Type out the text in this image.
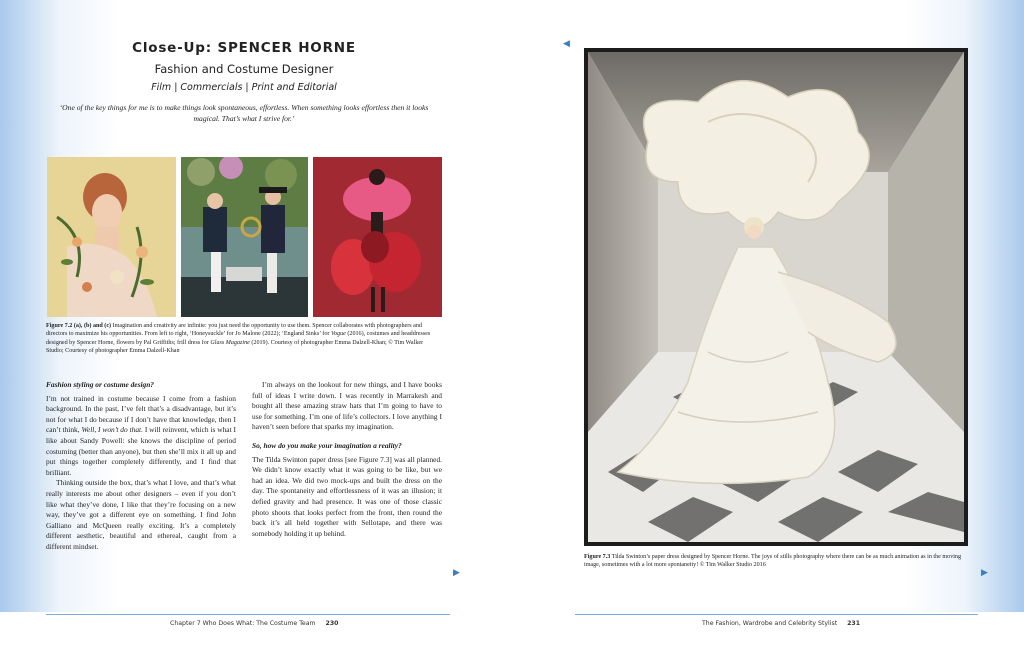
Close-Up: SPENCER HORNE
Fashion and Costume Designer
Film | Commercials | Print and Editorial
‘One of the key things for me is to make things look spontaneous, effortless. When something looks effortless then it looks magical. That’s what I strive for.’
Figure 7.2 (a), (b) and (c) Imagination and creativity are infinite: you just need the opportunity to use them. Spencer collaborates with photographers and directors to maximize his opportunities. From left to right, ‘Honeysuckle’ for Jo Malone (2022); ‘England Sinks’ for Vogue (2016), costumes and headdresses designed by Spencer Horne, flowers by Pal Griffiths; frill dress for Glass Magazine (2019). Courtesy of photographer Emma Dalzell-Khan; © Tim Walker Studio; Courtesy of photographer Emma Dalzell-Khan
Fashion styling or costume design?

I’m not trained in costume because I come from a fashion background. In the past, I’ve felt that’s a disadvantage, but it’s not for what I do because if I don’t have that knowledge, then I can’t think, Well, I won’t do that. I will reinvent, which is what I like about Sandy Powell: she knows the discipline of period costuming (better than anyone), but then she’ll mix it all up and put things together completely differently, and I find that brilliant.

Thinking outside the box, that’s what I love, and that’s what really interests me about other designers – even if you don’t like what they’ve done, I like that they’re focusing on a new way, they’ve got a different eye on something. I find John Galliano and McQueen really exciting. It’s a completely different aesthetic, beautiful and ethereal, caught from a different mindset.

I’m always on the lookout for new things, and I have books full of ideas I write down. I was recently in Marrakesh and bought all these amazing straw hats that I’m going to have to use for something. I’m one of life’s collectors. I love anything I haven’t seen before that sparks my imagination.

So, how do you make your imagination a reality?

The Tilda Swinton paper dress [see Figure 7.3] was all planned. We didn’t know exactly what it was going to be like, but we had an idea. We did two mock-ups and built the dress on the day. The spontaneity and effortlessness of it was an illusion; it defied gravity and had presence. It was one of those classic photo shoots that looks perfect from the front, then round the back it’s all held together with Sellotape, and there was somebody holding it up behind.

Figure 7.3 Tilda Swinton’s paper dress designed by Spencer Horne. The joys of stills photography where there can be as much animation as in the moving image, sometimes with a lot more spontaneity! © Tim Walker Studio 2016
◀
▶	▶
Chapter 7 Who Does What: The Costume Team 230	The Fashion, Wardrobe and Celebrity Stylist 231
